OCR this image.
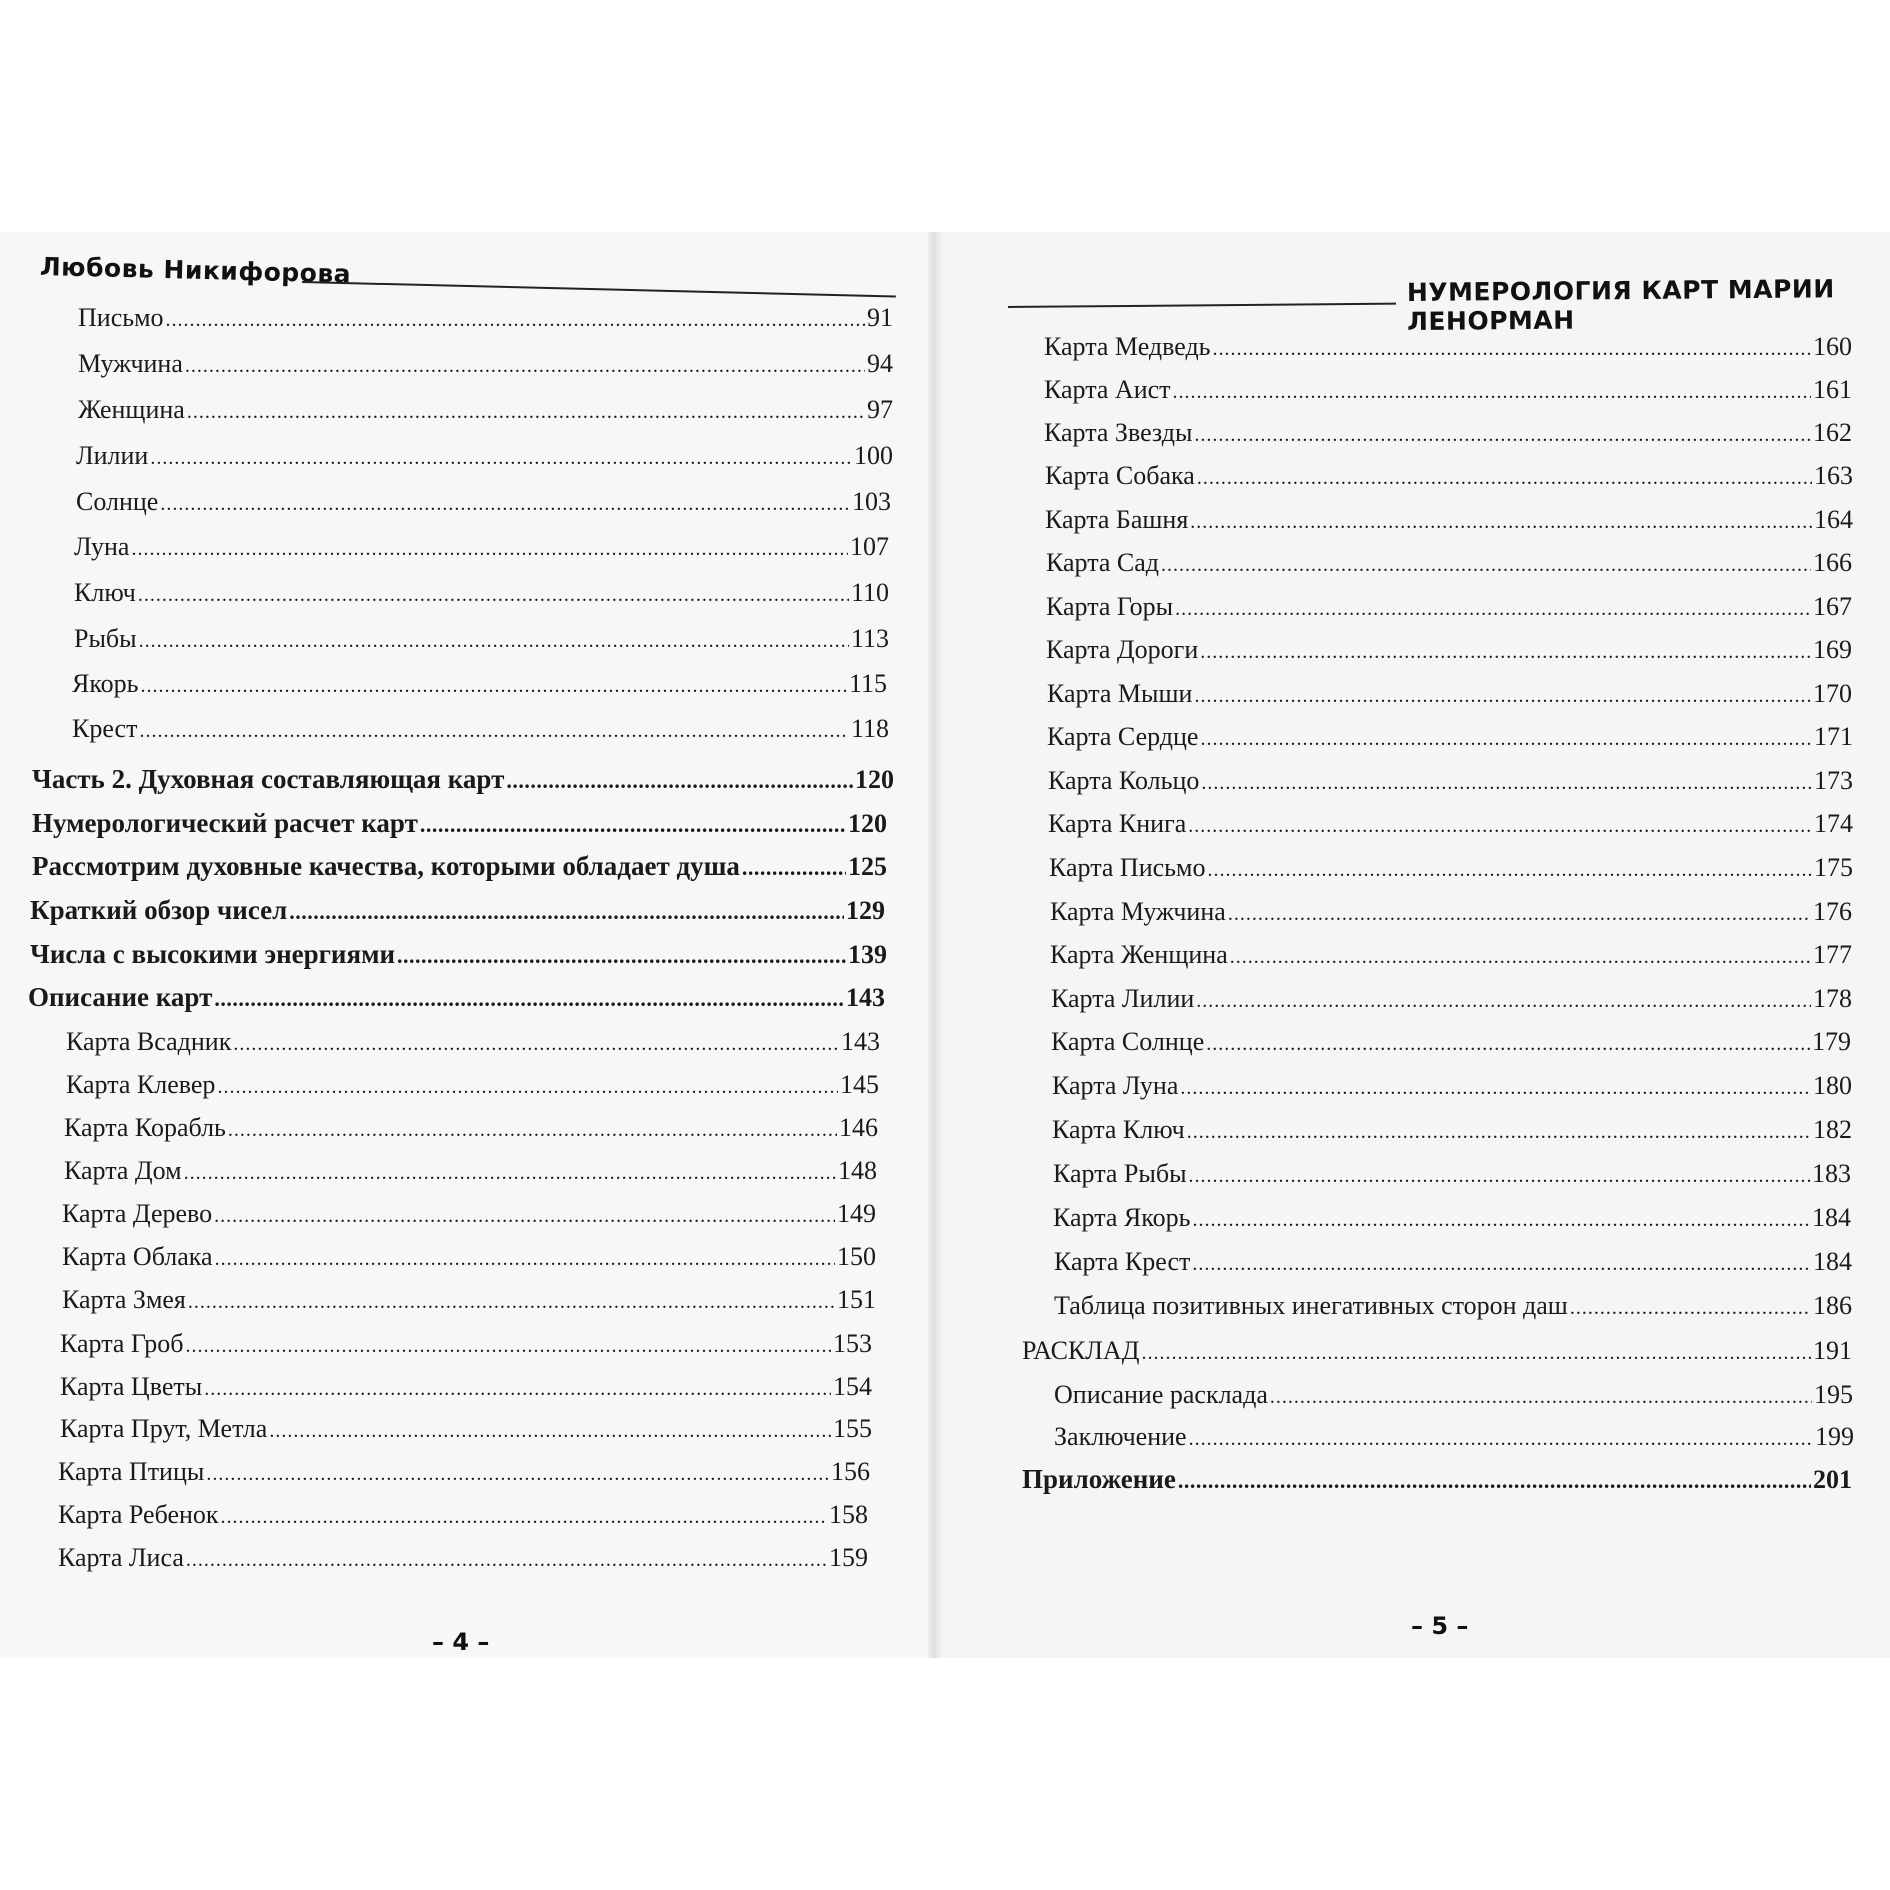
Любовь Никифорова
НУМЕРОЛОГИЯ КАРТ МАРИИ ЛЕНОРМАН
Письмо .....	91
Мужчина .....	94
Женщина .....	97
Лилии .....	100
Солнце .....	103
Луна .....	107
Ключ .....	110
Рыбы .....	113
Якорь .....	115
Крест .....	118
Часть 2. Духовная составляющая карт .....	120
Нумерологический расчет карт .....	120
Рассмотрим духовные качества, которыми обладает душа .....	125
Краткий обзор чисел .....	129
Числа с высокими энергиями .....	139
Описание карт .....	143
Карта Всадник .....	143
Карта Клевер .....	145
Карта Корабль .....	146
Карта Дом .....	148
Карта Дерево .....	149
Карта Облака .....	150
Карта Змея .....	151
Карта Гроб .....	153
Карта Цветы .....	154
Карта Прут, Метла .....	155
Карта Птицы .....	156
Карта Ребенок .....	158
Карта Лиса .....	159
Карта Медведь .....	160
Карта Аист .....	161
Карта Звезды .....	162
Карта Собака .....	163
Карта Башня .....	164
Карта Сад .....	166
Карта Горы .....	167
Карта Дороги .....	169
Карта Мыши .....	170
Карта Сердце .....	171
Карта Кольцо .....	173
Карта Книга .....	174
Карта Письмо .....	175
Карта Мужчина .....	176
Карта Женщина .....	177
Карта Лилии .....	178
Карта Солнце .....	179
Карта Луна .....	180
Карта Ключ .....	182
Карта Рыбы .....	183
Карта Якорь .....	184
Карта Крест .....	184
Таблица позитивных инегативных сторон даш .....	186
РАСКЛАД .....	191
Описание расклада .....	195
Заключение .....	199
Приложение .....	201
– 4 –
– 5 –
